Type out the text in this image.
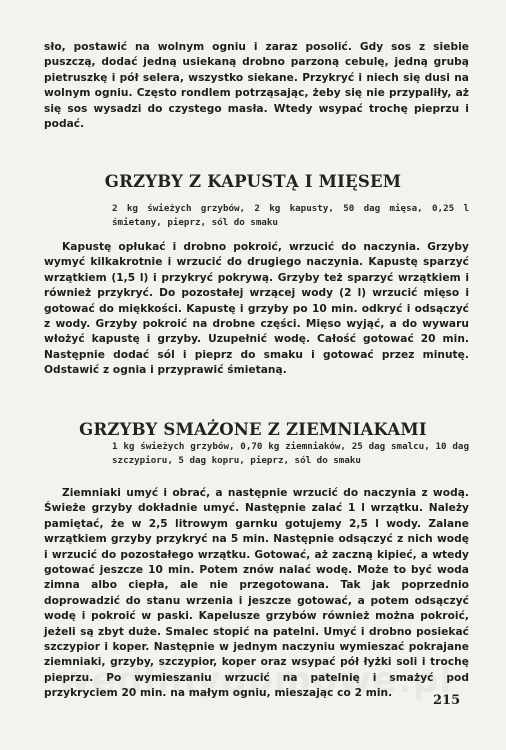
sło, postawić na wolnym ogniu i zaraz posolić. Gdy sos z siebie puszczą, dodać jedną usiekaną drobno parzoną cebulę, jedną grubą pietruszkę i pół selera, wszystko siekane. Przykryć i niech się dusi na wolnym ogniu. Często rondlem potrząsając, żeby się nie przypaliły, aż się sos wysadzi do czystego masła. Wtedy wsypać trochę pieprzu i podać.

GRZYBY Z KAPUSTĄ I MIĘSEM

2 kg świeżych grzybów, 2 kg kapusty, 50 dag mięsa, 0,25 l śmietany, pieprz, sól do smaku

Kapustę opłukać i drobno pokroić, wrzucić do naczynia. Grzyby wymyć kilkakrotnie i wrzucić do drugiego naczynia. Kapustę sparzyć wrzątkiem (1,5 l) i przykryć pokrywą. Grzyby też sparzyć wrzątkiem i również przykryć. Do pozostałej wrzącej wody (2 l) wrzucić mięso i gotować do miękkości. Kapustę i grzyby po 10 min. odkryć i odsączyć z wody. Grzyby pokroić na drobne części. Mięso wyjąć, a do wywaru włożyć kapustę i grzyby. Uzupełnić wodę. Całość gotować 20 min. Następnie dodać sól i pieprz do smaku i gotować przez minutę. Odstawić z ognia i przyprawić śmietaną.

GRZYBY SMAŻONE Z ZIEMNIAKAMI

1 kg świeżych grzybów, 0,70 kg ziemniaków, 25 dag smalcu, 10 dag szczypioru, 5 dag kopru, pieprz, sól do smaku

Ziemniaki umyć i obrać, a następnie wrzucić do naczynia z wodą. Świeże grzyby dokładnie umyć. Następnie zalać 1 l wrzątku. Należy pamiętać, że w 2,5 litrowym garnku gotujemy 2,5 l wody. Zalane wrzątkiem grzyby przykryć na 5 min. Następnie odsączyć z nich wodę i wrzucić do pozostałego wrzątku. Gotować, aż zaczną kipieć, a wtedy gotować jeszcze 10 min. Potem znów nalać wodę. Może to być woda zimna albo ciepła, ale nie przegotowana. Tak jak poprzednio doprowadzić do stanu wrzenia i jeszcze gotować, a potem odsączyć wodę i pokroić w paski. Kapelusze grzybów również można pokroić, jeżeli są zbyt duże. Smalec stopić na patelni. Umyć i drobno posiekać szczypior i koper. Następnie w jednym naczyniu wymieszać pokrajane ziemniaki, grzyby, szczypior, koper oraz wsypać pół łyżki soli i trochę pieprzu. Po wymieszaniu wrzucić na patelnię i smażyć pod przykryciem 20 min. na małym ogniu, mieszając co 2 min.	215
